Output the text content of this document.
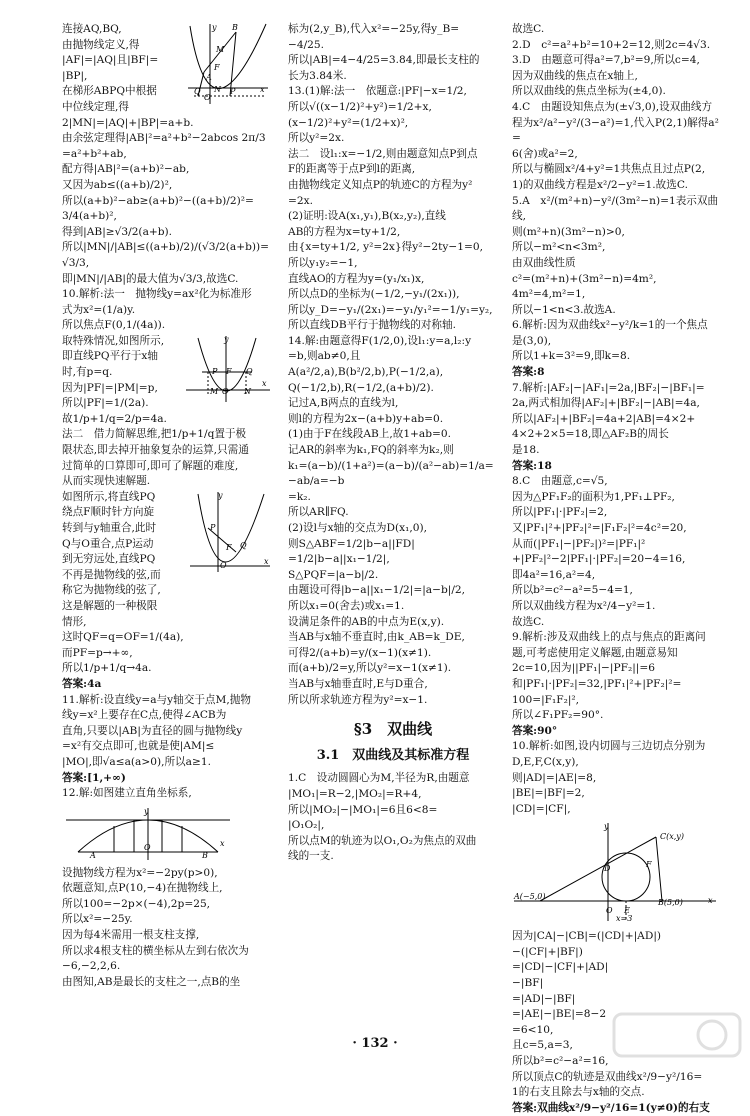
y
A
B
F
M
O
N	x
P
Q
连接AQ,BQ,
由抛物线定义,得
|AF|=|AQ|且|BF|=
|BP|,
在梯形ABPQ中根据
中位线定理,得
2|MN|=|AQ|+|BP|=a+b.
由余弦定理得|AB|²=a²+b²−2abcos 2π/3
=a²+b²+ab,
配方得|AB|²=(a+b)²−ab,
又因为ab≤((a+b)/2)²,
所以(a+b)²−ab≥(a+b)²−((a+b)/2)²=
3/4(a+b)²,
得到|AB|≥√3/2(a+b).
所以|MN|/|AB|≤((a+b)/2)/(√3/2(a+b))=√3/3,
即|MN|/|AB|的最大值为√3/3,故选C.
10.解析:法一　抛物线y=ax²化为标准形
式为x²=(1/a)y.
所以焦点F(0,1/(4a)).
y
P F Q
M O N
x
取特殊情况,如图所示,
即直线PQ平行于x轴
时,有p=q.
因为|PF|=|PM|=p,
所以|PF|=1/(2a).
故1/p+1/q=2/p=4a.
法二　借力简解思维,把1/p+1/q置于极
限状态,即去掉开抽象复杂的运算,只需通
过简单的口算即可,即可了解题的难度,
从而实现快速解题.
y
P
F Q
O	x
如图所示,将直线PQ
绕点F顺时针方向旋
转到与y轴重合,此时
Q与O重合,点P运动
到无穷远处,直线PQ
不再是抛物线的弦,而
称它为抛物线的弦了,
这是解题的一种极限
情形,
这时QF=q=OF=1/(4a),
而PF=p→+∞,
所以1/p+1/q→4a.
答案:4a
11.解析:设直线y=a与y轴交于点M,抛物
线y=x²上要存在C点,使得∠ACB为
直角,只要以|AB|为直径的圆与抛物线y
=x²有交点即可,也就是使|AM|≤
|MO|,即√a≤a(a>0),所以a≥1.
答案:[1,+∞)
12.解:如图建立直角坐标系,
y
O
A	B
x
设抛物线方程为x²=−2py(p>0),
依题意知,点P(10,−4)在抛物线上,
所以100=−2p×(−4),2p=25,
所以x²=−25y.
因为每4米需用一根支柱支撑,
所以求4根支柱的横坐标从左到右依次为
−6,−2,2,6.
由图知,AB是最长的支柱之一,点B的坐
标为(2,y_B),代入x²=−25y,得y_B=
−4/25.
所以|AB|=4−4/25=3.84,即最长支柱的
长为3.84米.
13.(1)解:法一　依题意:|PF|−x=1/2,
所以√((x−1/2)²+y²)=1/2+x,
(x−1/2)²+y²=(1/2+x)²,
所以y²=2x.
法二　设l₁:x=−1/2,则由题意知点P到点
F的距离等于点P到l的距离,
由抛物线定义知点P的轨迹C的方程为y²
=2x.
(2)证明:设A(x₁,y₁),B(x₂,y₂),直线
AB的方程为x=ty+1/2,
由{x=ty+1/2, y²=2x}得y²−2ty−1=0,
所以y₁y₂=−1,
直线AO的方程为y=(y₁/x₁)x,
所以点D的坐标为(−1/2,−y₁/(2x₁)),
所以y_D=−y₁/(2x₁)=−y₁/y₁²=−1/y₁=y₂,
所以直线DB平行于抛物线的对称轴.
14.解:由题意得F(1/2,0),设l₁:y=a,l₂:y
=b,则ab≠0,且
A(a²/2,a),B(b²/2,b),P(−1/2,a),
Q(−1/2,b),R(−1/2,(a+b)/2).
记过A,B两点的直线为l,
则l的方程为2x−(a+b)y+ab=0.
(1)由于F在线段AB上,故1+ab=0.
记AR的斜率为k₁,FQ的斜率为k₂,则
k₁=(a−b)/(1+a²)=(a−b)/(a²−ab)=1/a=−ab/a=−b
=k₂.
所以AR∥FQ.
(2)设l与x轴的交点为D(x₁,0),
则S△ABF=1/2|b−a||FD|
=1/2|b−a||x₁−1/2|,
S△PQF=|a−b|/2.
由题设可得|b−a||x₁−1/2|=|a−b|/2,
所以x₁=0(舍去)或x₁=1.
设满足条件的AB的中点为E(x,y).
当AB与x轴不垂直时,由k_AB=k_DE,
可得2/(a+b)=y/(x−1)(x≠1).
而(a+b)/2=y,所以y²=x−1(x≠1).
当AB与x轴垂直时,E与D重合,
所以所求轨迹方程为y²=x−1.
§3　双曲线
3.1　双曲线及其标准方程
1.C　设动圆圆心为M,半径为R,由题意
|MO₁|=R−2,|MO₂|=R+4,
所以|MO₂|−|MO₁|=6且6<8=
|O₁O₂|,
所以点M的轨迹为以O₁,O₂为焦点的双曲
线的一支.
故选C.
2.D　c²=a²+b²=10+2=12,则2c=4√3.
3.D　由题意可得a²=7,b²=9,所以c=4,
因为双曲线的焦点在x轴上,
所以双曲线的焦点坐标为(±4,0).
4.C　由题设知焦点为(±√3,0),设双曲线方
程为x²/a²−y²/(3−a²)=1,代入P(2,1)解得a²=
6(舍)或a²=2,
所以与椭圆x²/4+y²=1共焦点且过点P(2,
1)的双曲线方程是x²/2−y²=1.故选C.
5.A　x²/(m²+n)−y²/(3m²−n)=1表示双曲线,
则(m²+n)(3m²−n)>0,
所以−m²<n<3m²,
由双曲线性质
c²=(m²+n)+(3m²−n)=4m²,
4m²=4,m²=1,
所以−1<n<3.故选A.
6.解析:因为双曲线x²−y²/k=1的一个焦点
是(3,0),
所以1+k=3²=9,即k=8.
答案:8
7.解析:|AF₂|−|AF₁|=2a,|BF₂|−|BF₁|=
2a,两式相加得|AF₂|+|BF₂|−|AB|=4a,
所以|AF₂|+|BF₂|=4a+2|AB|=4×2+
4×2+2×5=18,即△AF₂B的周长
是18.
答案:18
8.C　由题意,c=√5,
因为△PF₁F₂的面积为1,PF₁⊥PF₂,
所以|PF₁|·|PF₂|=2,
又|PF₁|²+|PF₂|²=|F₁F₂|²=4c²=20,
从而(|PF₁|−|PF₂|)²=|PF₁|²
+|PF₂|²−2|PF₁|·|PF₂|=20−4=16,
即4a²=16,a²=4,
所以b²=c²−a²=5−4=1,
所以双曲线方程为x²/4−y²=1.
故选C.
9.解析:涉及双曲线上的点与焦点的距离问
题,可考虑使用定义解题,由题意易知
2c=10,因为||PF₁|−|PF₂||=6
和|PF₁|·|PF₂|=32,|PF₁|²+|PF₂|²=
100=|F₁F₂|²,
所以∠F₁PF₂=90°.
答案:90°
10.解析:如图,设内切圆与三边切点分别为
D,E,F,C(x,y),
则|AD|=|AE|=8,
|BE|=|BF|=2,
|CD|=|CF|,
y
C(x,y)
F
D
A(−5,0)
O E
B(5,0)	x
x=3
因为|CA|−|CB|=(|CD|+|AD|)
−(|CF|+|BF|)
=|CD|−|CF|+|AD|
−|BF|
=|AD|−|BF|
=|AE|−|BE|=8−2
=6<10,
且c=5,a=3,
所以b²=c²−a²=16,
所以顶点C的轨迹是双曲线x²/9−y²/16=
1的右支且除去与x轴的交点.
答案:双曲线x²/9−y²/16=1(y≠0)的右支
· 132 ·
